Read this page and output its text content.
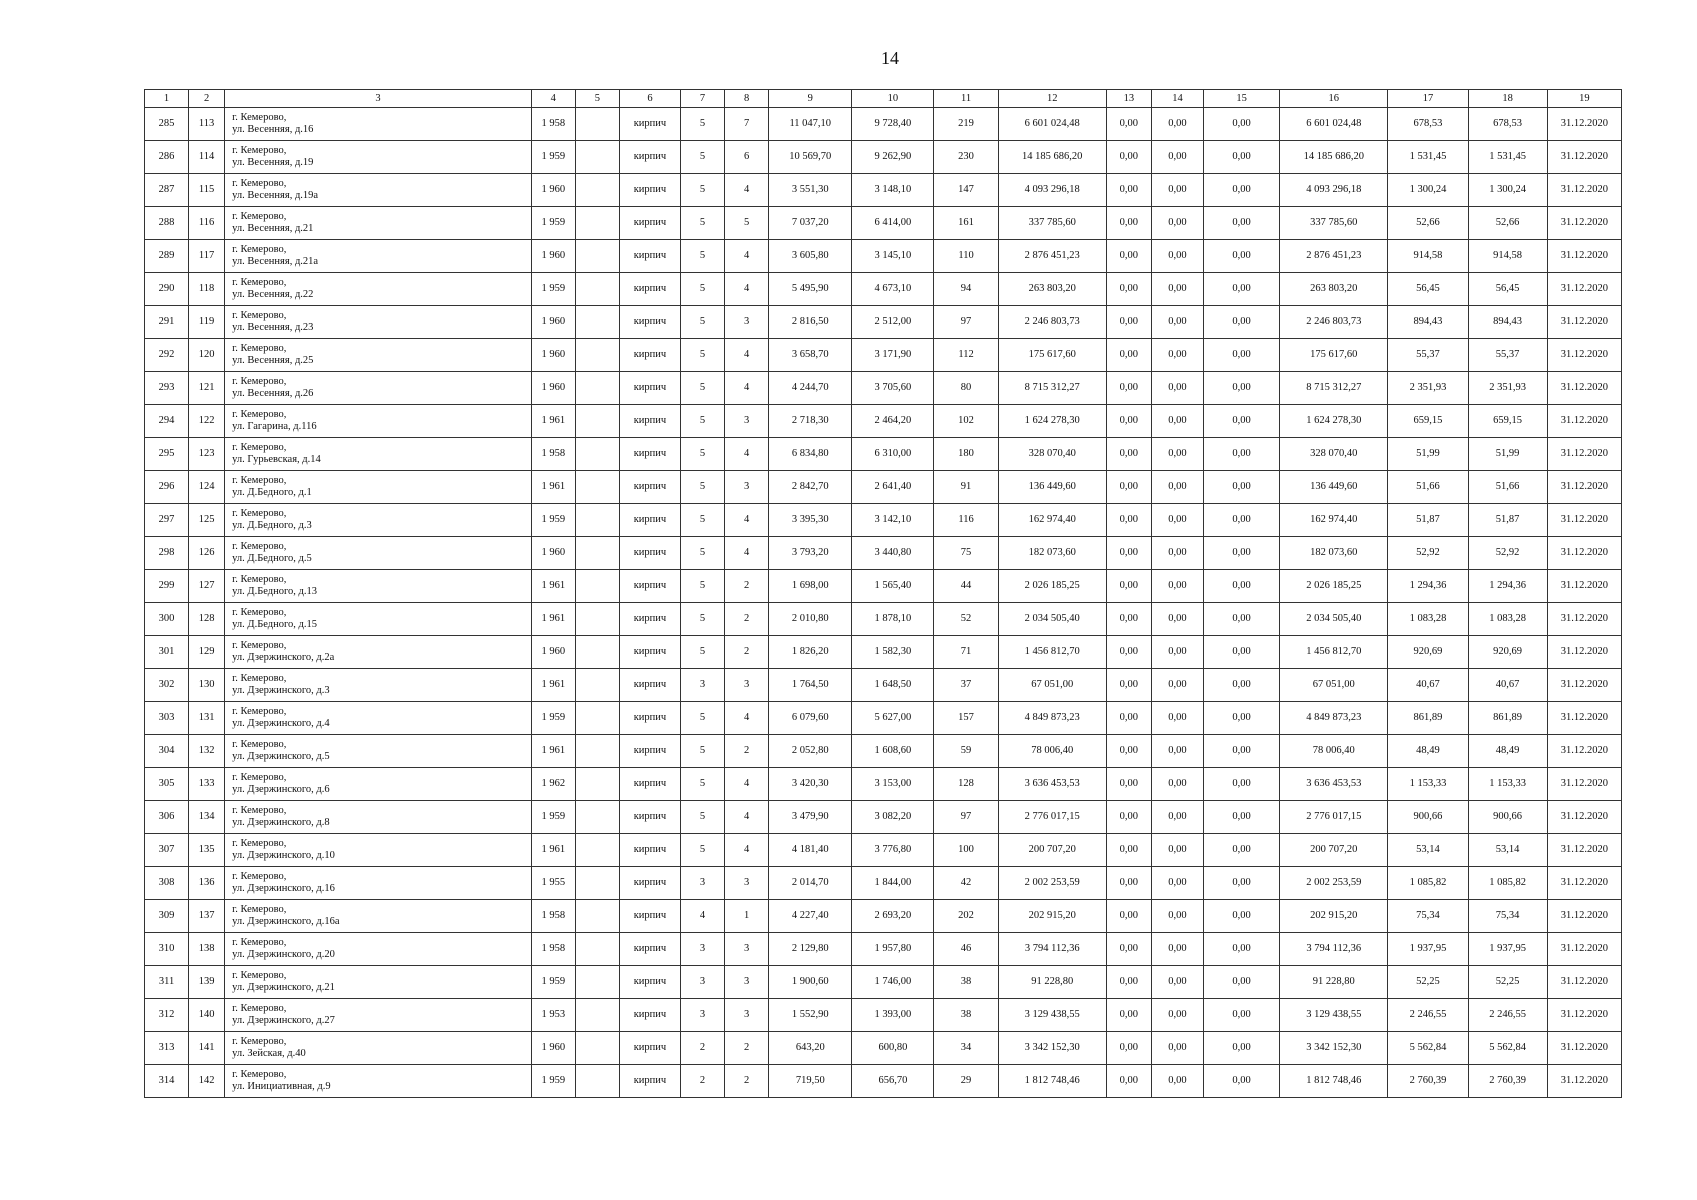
14
1	2	3	4	5	6	7	8	9	10	11	12	13	14	15	16	17	18	19
285	113	г. Кемерово,
ул. Весенняя, д.16	1 958		кирпич	5	7	11 047,10	9 728,40	219	6 601 024,48	0,00	0,00	0,00	6 601 024,48	678,53	678,53	31.12.2020
286	114	г. Кемерово,
ул. Весенняя, д.19	1 959		кирпич	5	6	10 569,70	9 262,90	230	14 185 686,20	0,00	0,00	0,00	14 185 686,20	1 531,45	1 531,45	31.12.2020
287	115	г. Кемерово,
ул. Весенняя, д.19а	1 960		кирпич	5	4	3 551,30	3 148,10	147	4 093 296,18	0,00	0,00	0,00	4 093 296,18	1 300,24	1 300,24	31.12.2020
288	116	г. Кемерово,
ул. Весенняя, д.21	1 959		кирпич	5	5	7 037,20	6 414,00	161	337 785,60	0,00	0,00	0,00	337 785,60	52,66	52,66	31.12.2020
289	117	г. Кемерово,
ул. Весенняя, д.21а	1 960		кирпич	5	4	3 605,80	3 145,10	110	2 876 451,23	0,00	0,00	0,00	2 876 451,23	914,58	914,58	31.12.2020
290	118	г. Кемерово,
ул. Весенняя, д.22	1 959		кирпич	5	4	5 495,90	4 673,10	94	263 803,20	0,00	0,00	0,00	263 803,20	56,45	56,45	31.12.2020
291	119	г. Кемерово,
ул. Весенняя, д.23	1 960		кирпич	5	3	2 816,50	2 512,00	97	2 246 803,73	0,00	0,00	0,00	2 246 803,73	894,43	894,43	31.12.2020
292	120	г. Кемерово,
ул. Весенняя, д.25	1 960		кирпич	5	4	3 658,70	3 171,90	112	175 617,60	0,00	0,00	0,00	175 617,60	55,37	55,37	31.12.2020
293	121	г. Кемерово,
ул. Весенняя, д.26	1 960		кирпич	5	4	4 244,70	3 705,60	80	8 715 312,27	0,00	0,00	0,00	8 715 312,27	2 351,93	2 351,93	31.12.2020
294	122	г. Кемерово,
ул. Гагарина, д.116	1 961		кирпич	5	3	2 718,30	2 464,20	102	1 624 278,30	0,00	0,00	0,00	1 624 278,30	659,15	659,15	31.12.2020
295	123	г. Кемерово,
ул. Гурьевская, д.14	1 958		кирпич	5	4	6 834,80	6 310,00	180	328 070,40	0,00	0,00	0,00	328 070,40	51,99	51,99	31.12.2020
296	124	г. Кемерово,
ул. Д.Бедного, д.1	1 961		кирпич	5	3	2 842,70	2 641,40	91	136 449,60	0,00	0,00	0,00	136 449,60	51,66	51,66	31.12.2020
297	125	г. Кемерово,
ул. Д.Бедного, д.3	1 959		кирпич	5	4	3 395,30	3 142,10	116	162 974,40	0,00	0,00	0,00	162 974,40	51,87	51,87	31.12.2020
298	126	г. Кемерово,
ул. Д.Бедного, д.5	1 960		кирпич	5	4	3 793,20	3 440,80	75	182 073,60	0,00	0,00	0,00	182 073,60	52,92	52,92	31.12.2020
299	127	г. Кемерово,
ул. Д.Бедного, д.13	1 961		кирпич	5	2	1 698,00	1 565,40	44	2 026 185,25	0,00	0,00	0,00	2 026 185,25	1 294,36	1 294,36	31.12.2020
300	128	г. Кемерово,
ул. Д.Бедного, д.15	1 961		кирпич	5	2	2 010,80	1 878,10	52	2 034 505,40	0,00	0,00	0,00	2 034 505,40	1 083,28	1 083,28	31.12.2020
301	129	г. Кемерово,
ул. Дзержинского, д.2а	1 960		кирпич	5	2	1 826,20	1 582,30	71	1 456 812,70	0,00	0,00	0,00	1 456 812,70	920,69	920,69	31.12.2020
302	130	г. Кемерово,
ул. Дзержинского, д.3	1 961		кирпич	3	3	1 764,50	1 648,50	37	67 051,00	0,00	0,00	0,00	67 051,00	40,67	40,67	31.12.2020
303	131	г. Кемерово,
ул. Дзержинского, д.4	1 959		кирпич	5	4	6 079,60	5 627,00	157	4 849 873,23	0,00	0,00	0,00	4 849 873,23	861,89	861,89	31.12.2020
304	132	г. Кемерово,
ул. Дзержинского, д.5	1 961		кирпич	5	2	2 052,80	1 608,60	59	78 006,40	0,00	0,00	0,00	78 006,40	48,49	48,49	31.12.2020
305	133	г. Кемерово,
ул. Дзержинского, д.6	1 962		кирпич	5	4	3 420,30	3 153,00	128	3 636 453,53	0,00	0,00	0,00	3 636 453,53	1 153,33	1 153,33	31.12.2020
306	134	г. Кемерово,
ул. Дзержинского, д.8	1 959		кирпич	5	4	3 479,90	3 082,20	97	2 776 017,15	0,00	0,00	0,00	2 776 017,15	900,66	900,66	31.12.2020
307	135	г. Кемерово,
ул. Дзержинского, д.10	1 961		кирпич	5	4	4 181,40	3 776,80	100	200 707,20	0,00	0,00	0,00	200 707,20	53,14	53,14	31.12.2020
308	136	г. Кемерово,
ул. Дзержинского, д.16	1 955		кирпич	3	3	2 014,70	1 844,00	42	2 002 253,59	0,00	0,00	0,00	2 002 253,59	1 085,82	1 085,82	31.12.2020
309	137	г. Кемерово,
ул. Дзержинского, д.16а	1 958		кирпич	4	1	4 227,40	2 693,20	202	202 915,20	0,00	0,00	0,00	202 915,20	75,34	75,34	31.12.2020
310	138	г. Кемерово,
ул. Дзержинского, д.20	1 958		кирпич	3	3	2 129,80	1 957,80	46	3 794 112,36	0,00	0,00	0,00	3 794 112,36	1 937,95	1 937,95	31.12.2020
311	139	г. Кемерово,
ул. Дзержинского, д.21	1 959		кирпич	3	3	1 900,60	1 746,00	38	91 228,80	0,00	0,00	0,00	91 228,80	52,25	52,25	31.12.2020
312	140	г. Кемерово,
ул. Дзержинского, д.27	1 953		кирпич	3	3	1 552,90	1 393,00	38	3 129 438,55	0,00	0,00	0,00	3 129 438,55	2 246,55	2 246,55	31.12.2020
313	141	г. Кемерово,
ул. Зейская, д.40	1 960		кирпич	2	2	643,20	600,80	34	3 342 152,30	0,00	0,00	0,00	3 342 152,30	5 562,84	5 562,84	31.12.2020
314	142	г. Кемерово,
ул. Инициативная, д.9	1 959		кирпич	2	2	719,50	656,70	29	1 812 748,46	0,00	0,00	0,00	1 812 748,46	2 760,39	2 760,39	31.12.2020
